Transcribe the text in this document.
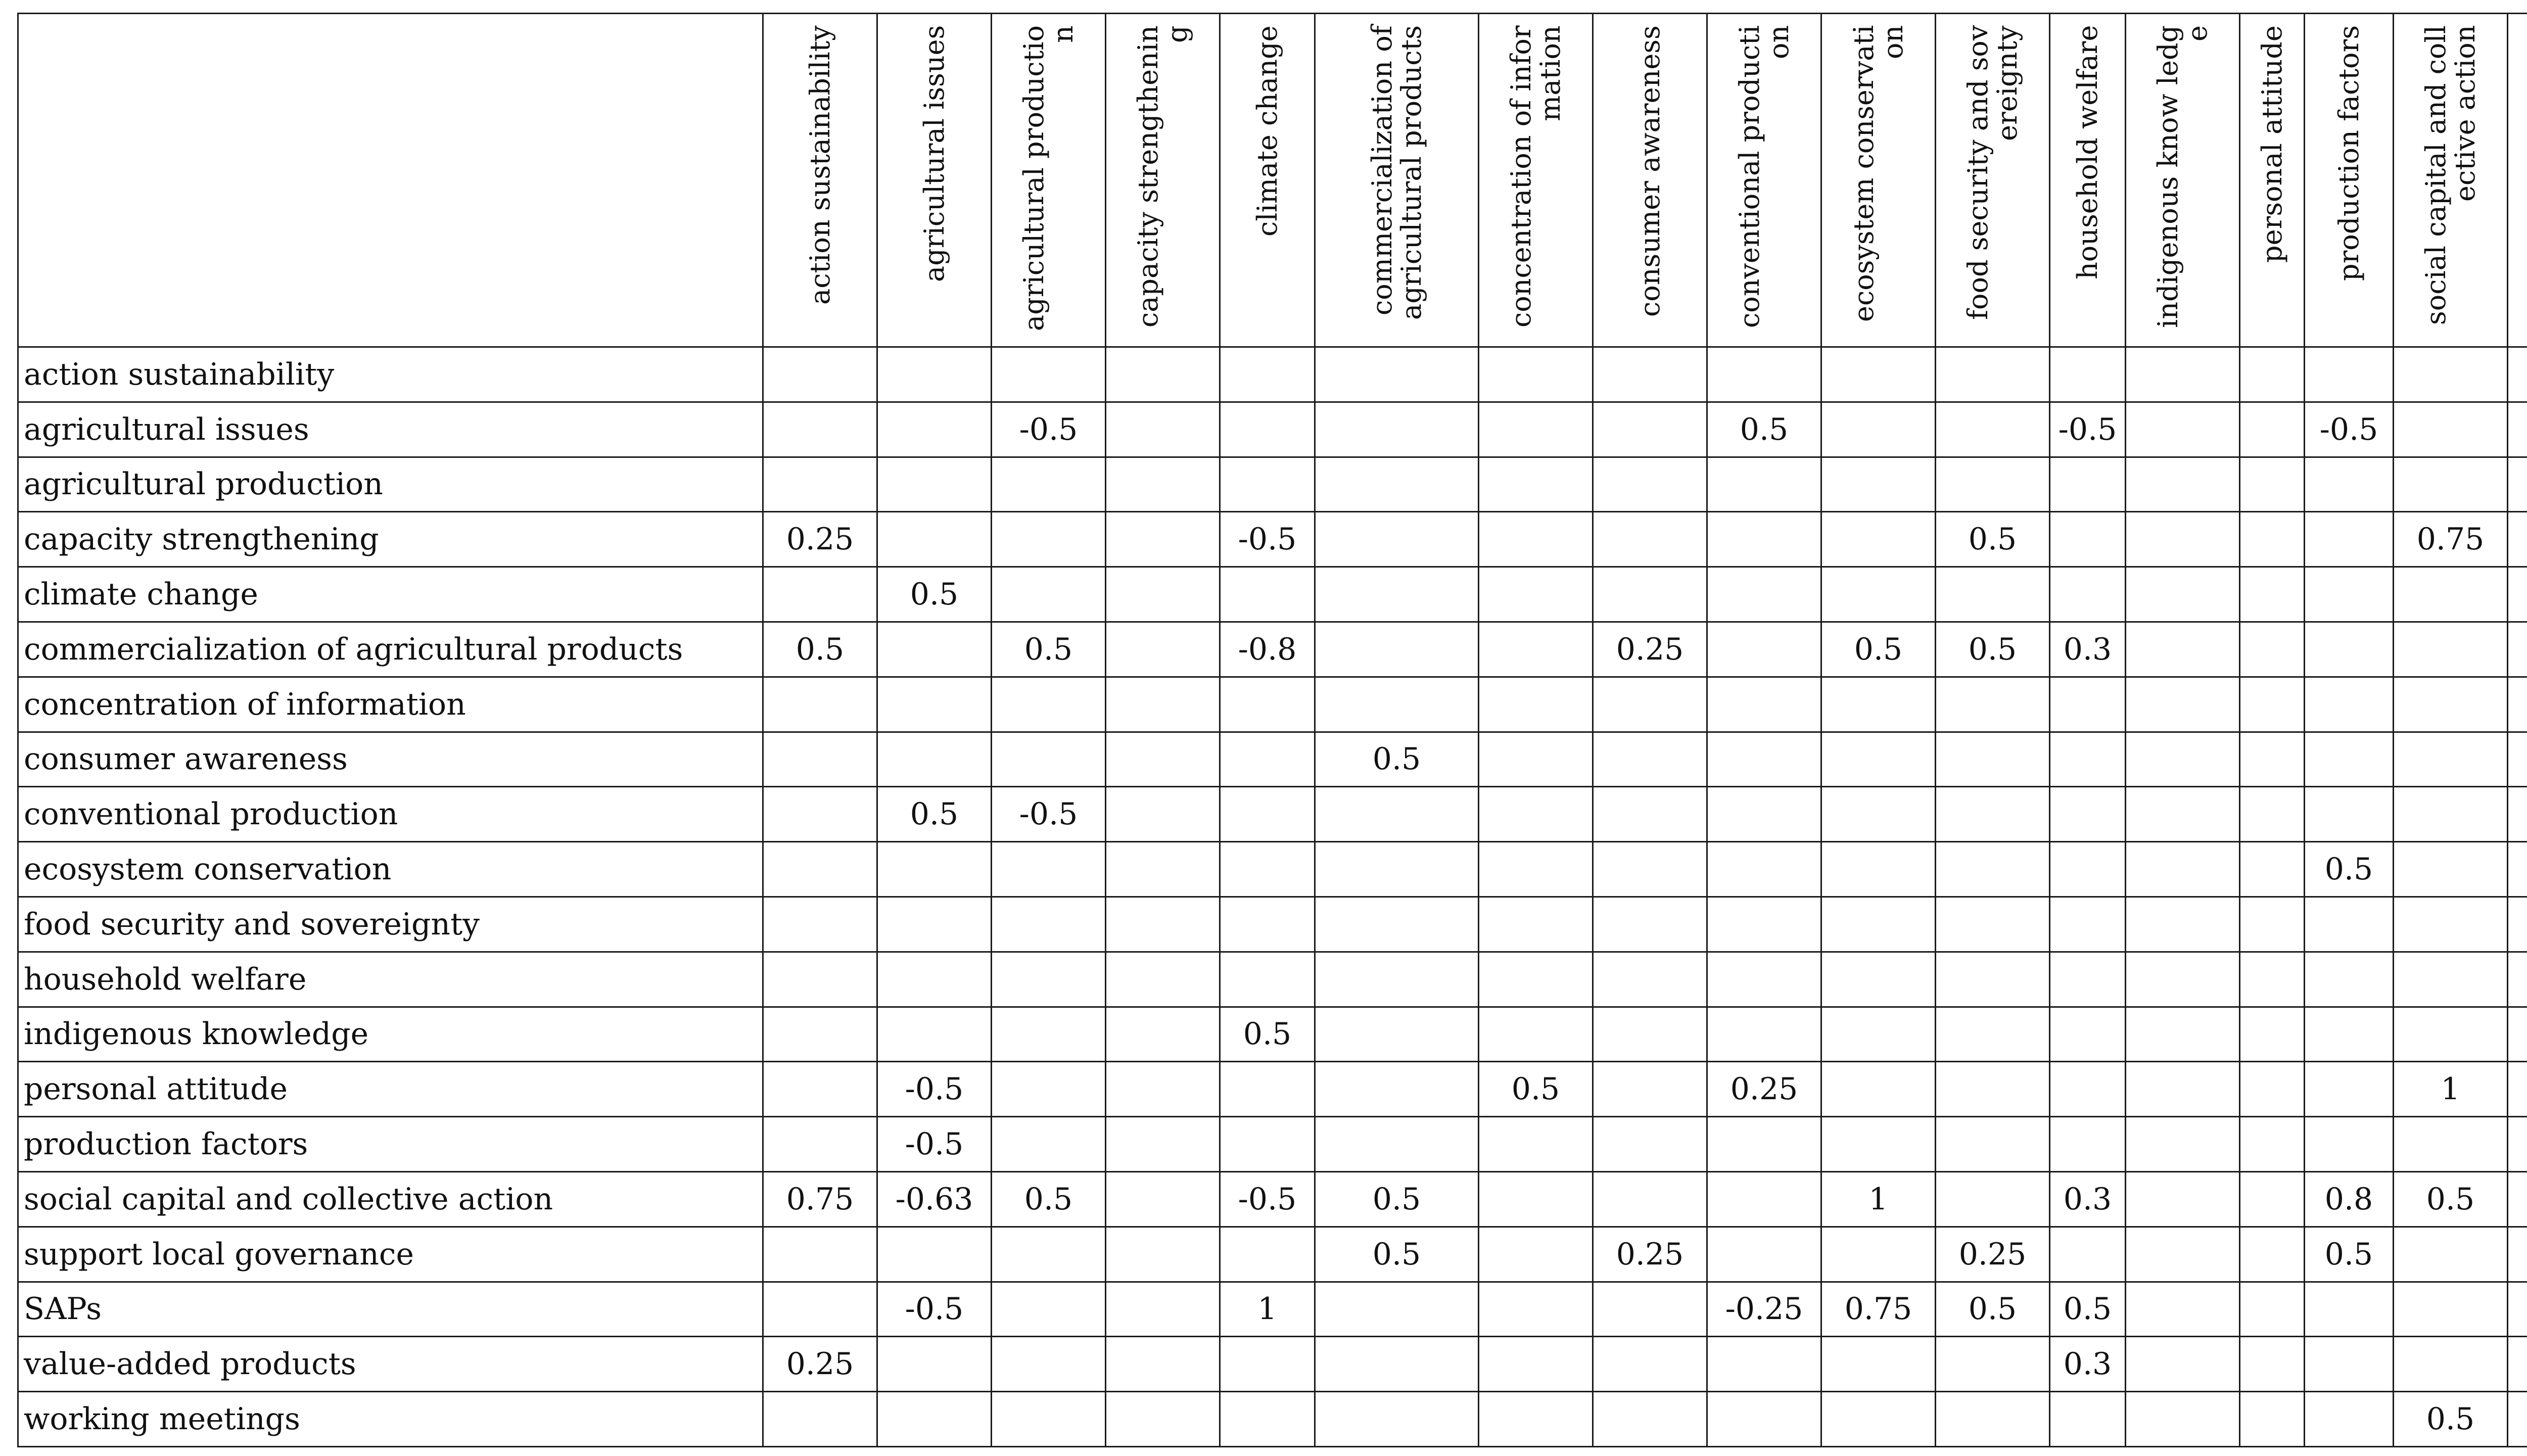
	action sustainability	agricultural issues	agricultural production	capacity strengthening	climate change	commercialization of agricultural products	concentration of information	consumer awareness	conventional production	ecosystem conservation	food security and sovereignty	household welfare	indigenous know ledge	personal attitude	production factors	social capital and collective action

action sustainability																				
agricultural issues			-0.5						0.5			-0.5			-0.5					
agricultural production																				
capacity strengthening	0.25				-0.5						0.5					0.75				
climate change		0.5																		
commercialization of agricultural products	0.5		0.5		-0.8			0.25		0.5	0.5	0.3								
concentration of information																				
consumer awareness						0.5														
conventional production		0.5	-0.5																	
ecosystem conservation															0.5					
food security and sovereignty																				
household welfare																				
indigenous knowledge					0.5															
personal attitude		-0.5					0.5		0.25							1				
production factors		-0.5																		
social capital and collective action	0.75	-0.63	0.5		-0.5	0.5				1		0.3			0.8	0.5				
support local governance						0.5		0.25			0.25				0.5					
SAPs		-0.5			1				-0.25	0.75	0.5	0.5								
value-added products	0.25											0.3								
working meetings																0.5				
